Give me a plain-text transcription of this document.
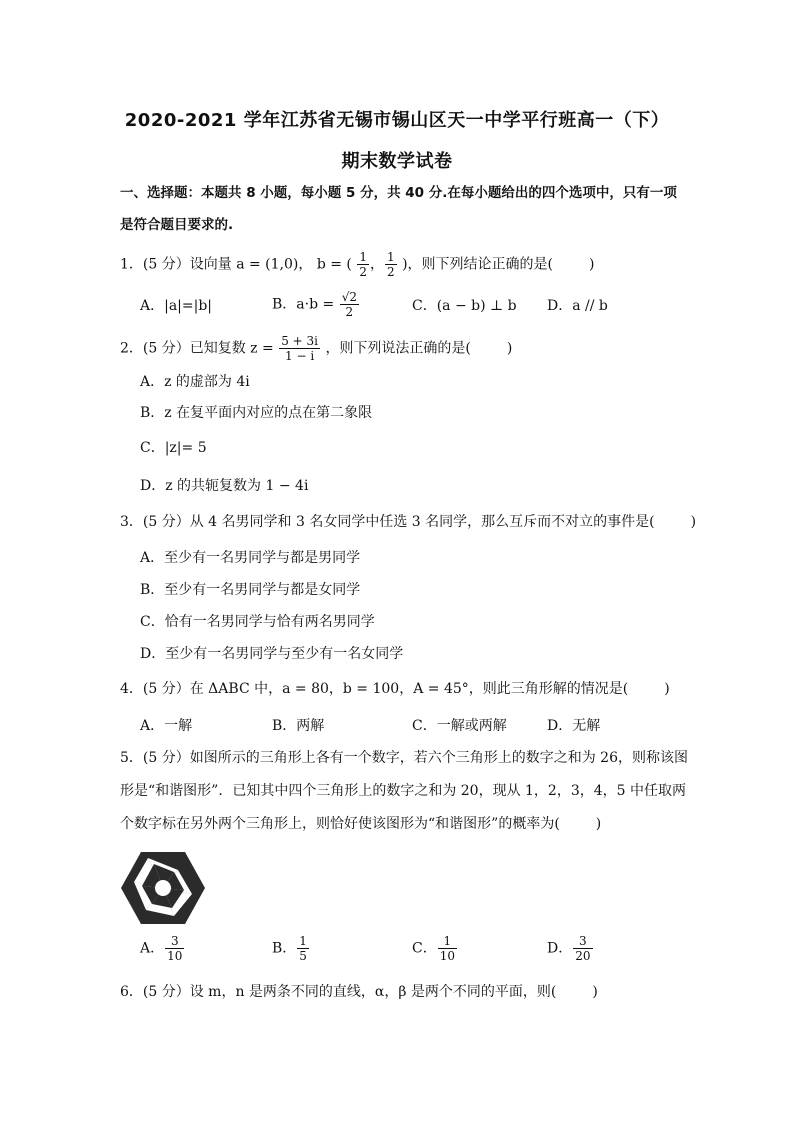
2020-2021 学年江苏省无锡市锡山区天一中学平行班高一（下）
期末数学试卷
一、选择题：本题共 8 小题，每小题 5 分，共 40 分.在每小题给出的四个选项中，只有一项
是符合题目要求的.
1．(5 分）设向量 a = (1,0)， b = ( $\frac{1}{2}$ ， $\frac{1}{2}$ )，则下列结论正确的是(	)
A．|a|=|b|	B．$a\cdot b = \frac{√2}{2}$	C．(a − b) ⊥ b D．a // b
2．(5 分）已知复数 $z = \frac{5 + 3i}{1 - i}$ ，则下列说法正确的是(	)
A．z 的虚部为 4i
B．z 在复平面内对应的点在第二象限
C．|z|= 5
D．z 的共轭复数为 1 − 4i
3．(5 分）从 4 名男同学和 3 名女同学中任选 3 名同学，那么互斥而不对立的事件是(	)
A．至少有一名男同学与都是男同学
B．至少有一名男同学与都是女同学
C．恰有一名男同学与恰有两名男同学
D．至少有一名男同学与至少有一名女同学
4．(5 分）在 ΔABC 中，a = 80，b = 100，A = 45°，则此三角形解的情况是(	)
A．一解	B．两解	C．一解或两解	D．无解
5．(5 分）如图所示的三角形上各有一个数字，若六个三角形上的数字之和为 26，则称该图
形是“和谐图形”．已知其中四个三角形上的数字之和为 20，现从 1，2，3，4，5 中任取两
个数字标在另外两个三角形上，则恰好使该图形为“和谐图形”的概率为(	)
A． $\frac{3}{10}$	B． $\frac{1}{5}$	C． $\frac{1}{10}$	D． $\frac{3}{20}$
6．(5 分）设 m，n 是两条不同的直线，α，β 是两个不同的平面，则(	)
